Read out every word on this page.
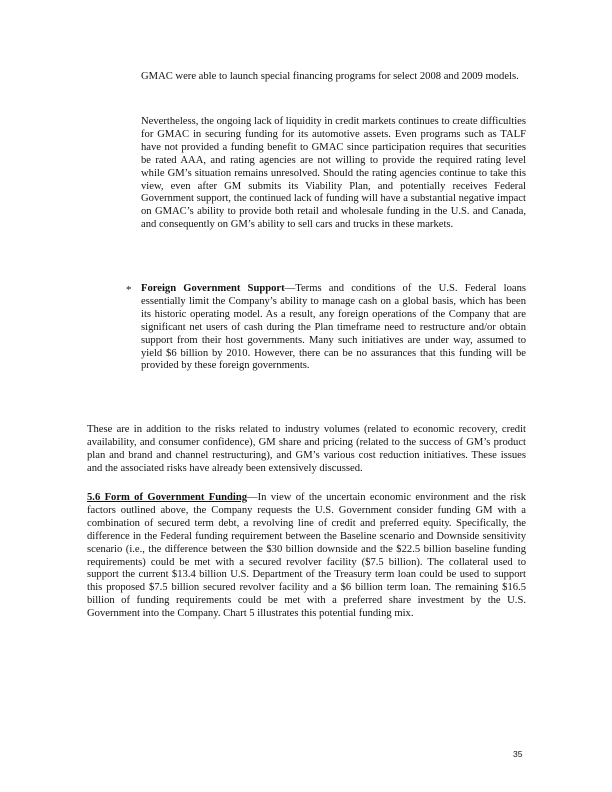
GMAC were able to launch special financing programs for select 2008 and 2009 models.

Nevertheless, the ongoing lack of liquidity in credit markets continues to create difficulties for GMAC in securing funding for its automotive assets. Even programs such as TALF have not provided a funding benefit to GMAC since participation requires that securities be rated AAA, and rating agencies are not willing to provide the required rating level while GM’s situation remains unresolved. Should the rating agencies continue to take this view, even after GM submits its Viability Plan, and potentially receives Federal Government support, the continued lack of funding will have a substantial negative impact on GMAC’s ability to provide both retail and wholesale funding in the U.S. and Canada, and consequently on GM’s ability to sell cars and trucks in these markets.

* Foreign Government Support—Terms and conditions of the U.S. Federal loans essentially limit the Company’s ability to manage cash on a global basis, which has been its historic operating model. As a result, any foreign operations of the Company that are significant net users of cash during the Plan timeframe need to restructure and/or obtain support from their host governments. Many such initiatives are under way, assumed to yield $6 billion by 2010. However, there can be no assurances that this funding will be provided by these foreign governments.

These are in addition to the risks related to industry volumes (related to economic recovery, credit availability, and consumer confidence), GM share and pricing (related to the success of GM’s product plan and brand and channel restructuring), and GM’s various cost reduction initiatives. These issues and the associated risks have already been extensively discussed.

5.6 Form of Government Funding—In view of the uncertain economic environment and the risk factors outlined above, the Company requests the U.S. Government consider funding GM with a combination of secured term debt, a revolving line of credit and preferred equity. Specifically, the difference in the Federal funding requirement between the Baseline scenario and Downside sensitivity scenario (i.e., the difference between the $30 billion downside and the $22.5 billion baseline funding requirements) could be met with a secured revolver facility ($7.5 billion). The collateral used to support the current $13.4 billion U.S. Department of the Treasury term loan could be used to support this proposed $7.5 billion secured revolver facility and a $6 billion term loan. The remaining $16.5 billion of funding requirements could be met with a preferred share investment by the U.S. Government into the Company. Chart 5 illustrates this potential funding mix.

35
